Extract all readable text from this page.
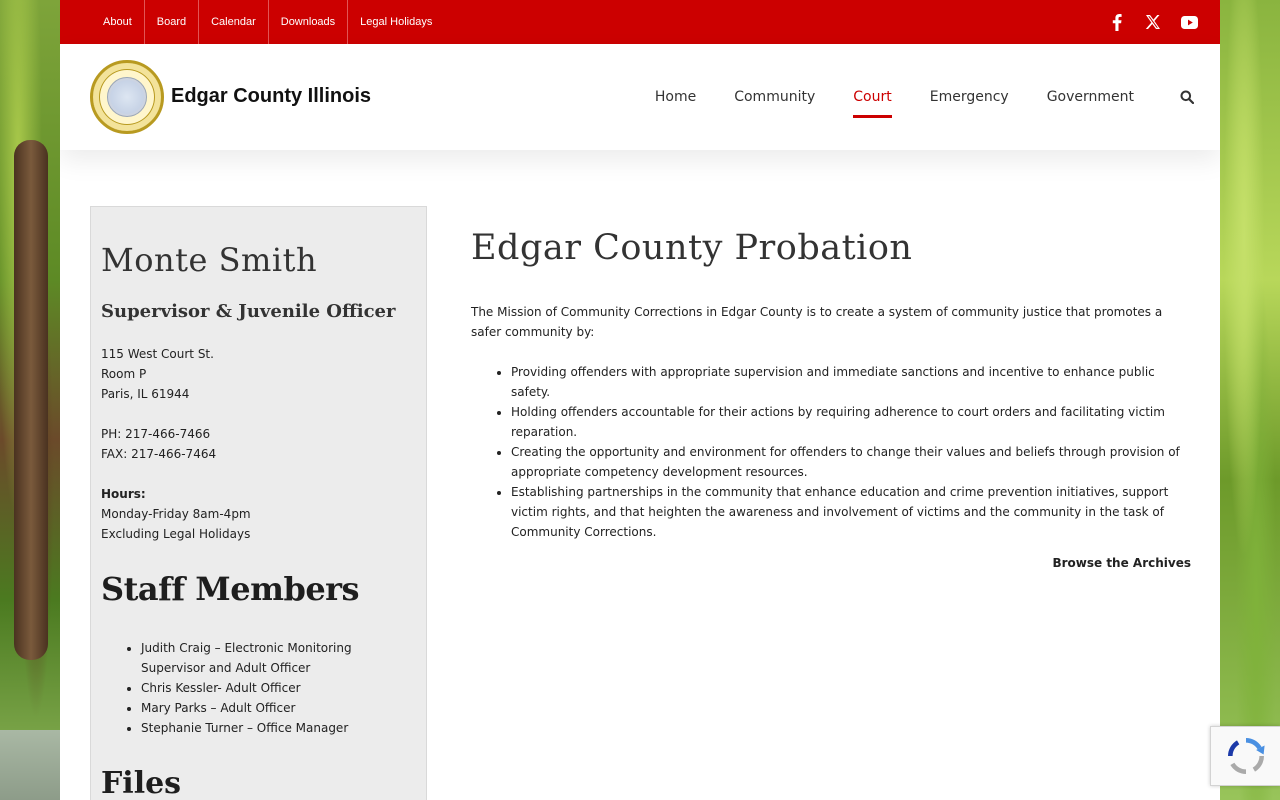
About	Board	Calendar	Downloads	Legal Holidays
Edgar County Illinois	Home	Community	Court	Emergency	Government
Monte Smith
Supervisor & Juvenile Officer
115 West Court St.
Room P
Paris, IL 61944
PH: 217-466-7466
FAX: 217-466-7464
Hours:
Monday-Friday 8am-4pm
Excluding Legal Holidays
Staff Members
• Judith Craig – Electronic Monitoring Supervisor and Adult Officer
• Chris Kessler- Adult Officer
• Mary Parks – Adult Officer
• Stephanie Turner – Office Manager
Files
Edgar County Probation

The Mission of Community Corrections in Edgar County is to create a system of community justice that promotes a safer community by:

• Providing offenders with appropriate supervision and immediate sanctions and incentive to enhance public safety.
• Holding offenders accountable for their actions by requiring adherence to court orders and facilitating victim reparation.
• Creating the opportunity and environment for offenders to change their values and beliefs through provision of appropriate competency development resources.
• Establishing partnerships in the community that enhance education and crime prevention initiatives, support victim rights, and that heighten the awareness and involvement of victims and the community in the task of Community Corrections.
Browse the Archives
